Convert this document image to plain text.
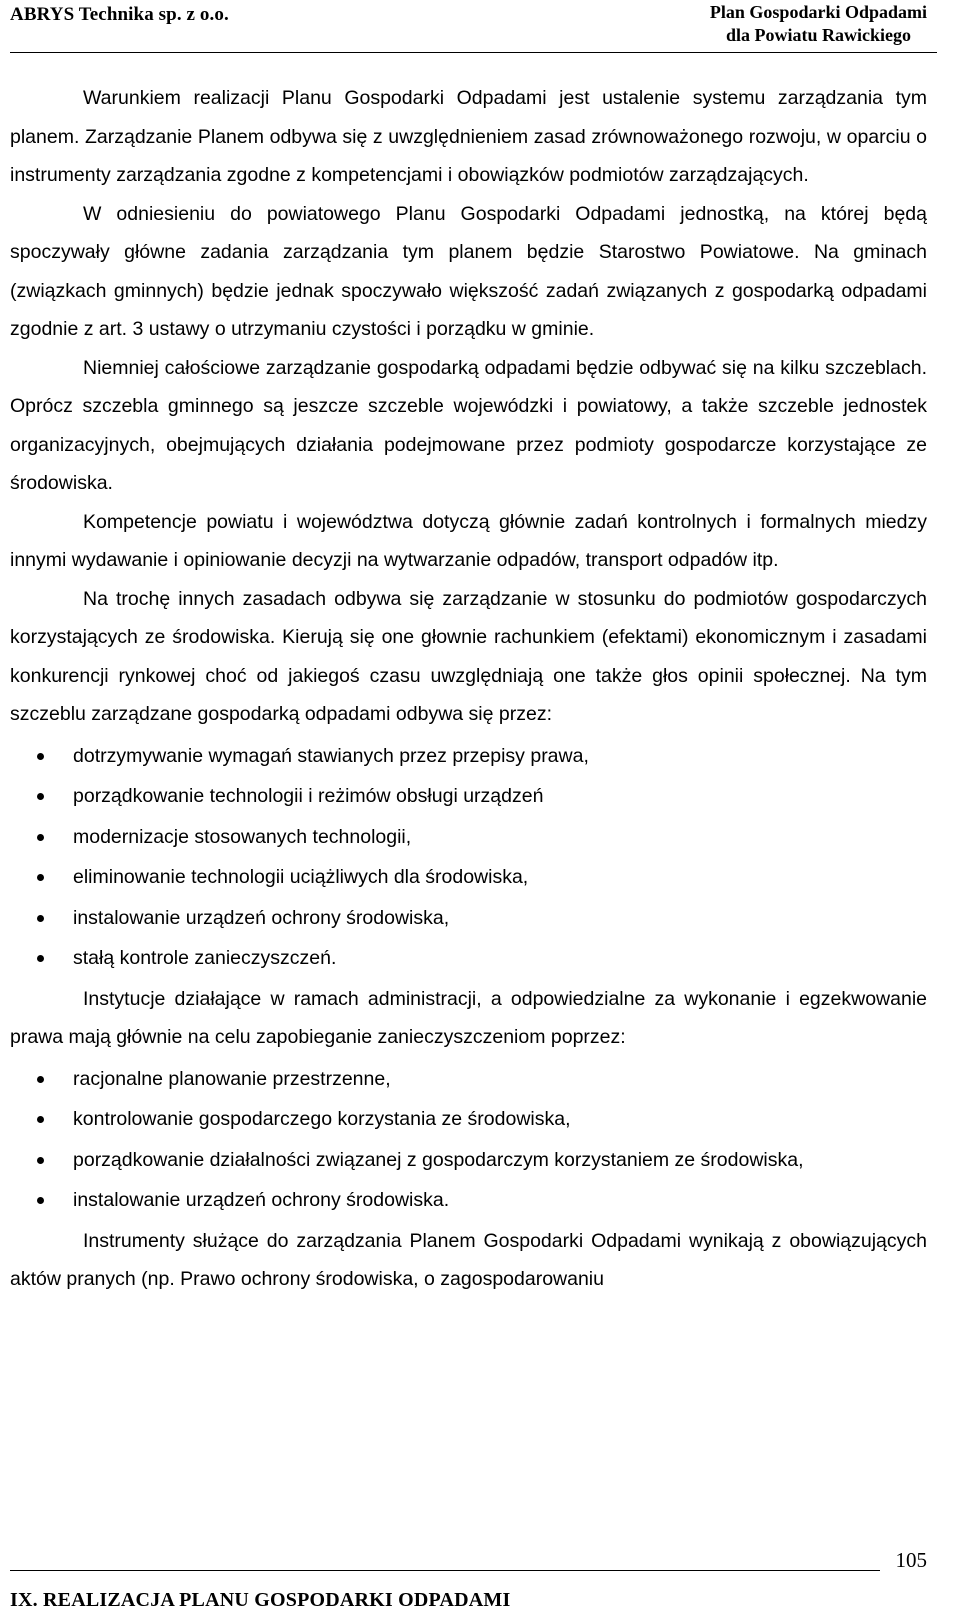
ABRYS Technika sp. z o.o.	Plan Gospodarki Odpadami
dla Powiatu Rawickiego

Warunkiem realizacji Planu Gospodarki Odpadami jest ustalenie systemu zarządzania tym planem. Zarządzanie Planem odbywa się z uwzględnieniem zasad zrównoważonego rozwoju, w oparciu o instrumenty zarządzania zgodne z kompetencjami i obowiązków podmiotów zarządzających.

W odniesieniu do powiatowego Planu Gospodarki Odpadami jednostką, na której będą spoczywały główne zadania zarządzania tym planem będzie Starostwo Powiatowe. Na gminach (związkach gminnych) będzie jednak spoczywało większość zadań związanych z gospodarką odpadami zgodnie z art. 3 ustawy o utrzymaniu czystości i porządku w gminie.

Niemniej całościowe zarządzanie gospodarką odpadami będzie odbywać się na kilku szczeblach. Oprócz szczebla gminnego są jeszcze szczeble wojewódzki i powiatowy, a także szczeble jednostek organizacyjnych, obejmujących działania podejmowane przez podmioty gospodarcze korzystające ze środowiska.

Kompetencje powiatu i województwa dotyczą głównie zadań kontrolnych i formalnych miedzy innymi wydawanie i opiniowanie decyzji na wytwarzanie odpadów, transport odpadów itp.

Na trochę innych zasadach odbywa się zarządzanie w stosunku do podmiotów gospodarczych korzystających ze środowiska. Kierują się one głownie rachunkiem (efektami) ekonomicznym i zasadami konkurencji rynkowej choć od jakiegoś czasu uwzględniają one także głos opinii społecznej. Na tym szczeblu zarządzane gospodarką odpadami odbywa się przez:

dotrzymywanie wymagań stawianych przez przepisy prawa,
porządkowanie technologii i reżimów obsługi urządzeń
modernizacje stosowanych technologii,
eliminowanie technologii uciążliwych dla środowiska,
instalowanie urządzeń ochrony środowiska,
stałą kontrole zanieczyszczeń.

Instytucje działające w ramach administracji, a odpowiedzialne za wykonanie i egzekwowanie prawa mają głównie na celu zapobieganie zanieczyszczeniom poprzez:

racjonalne planowanie przestrzenne,
kontrolowanie gospodarczego korzystania ze środowiska,
porządkowanie działalności związanej z gospodarczym korzystaniem ze środowiska,
instalowanie urządzeń ochrony środowiska.

Instrumenty służące do zarządzania Planem Gospodarki Odpadami wynikają z obowiązujących aktów pranych (np. Prawo ochrony środowiska, o zagospodarowaniu

105
IX. REALIZACJA PLANU GOSPODARKI ODPADAMI
